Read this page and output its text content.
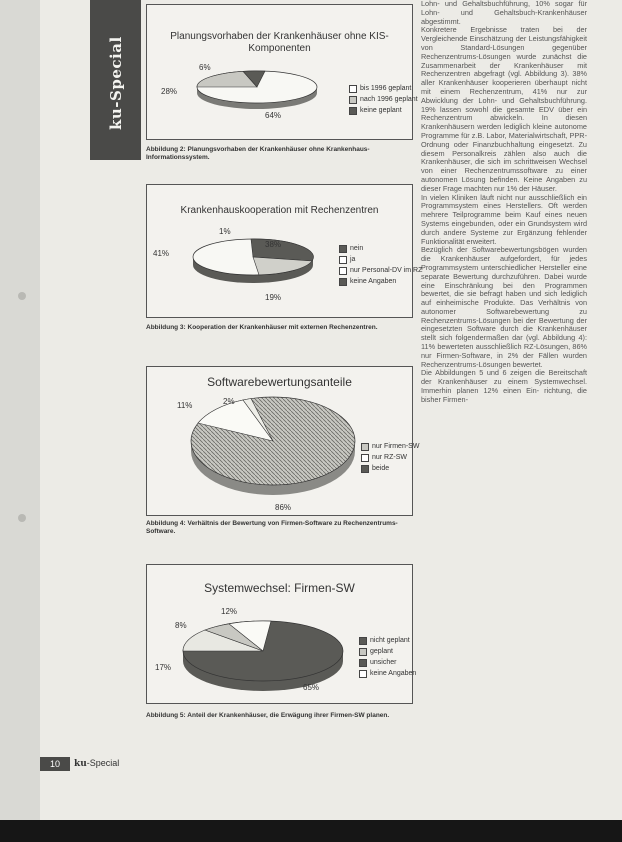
ku-Special	Planungsvorhaben der Krankenhäuser ohne KIS-
Komponenten
6%
28%
64%
bis 1996 geplant
nach 1996 geplant
keine geplant
Abbildung 2: Planungsvorhaben der Krankenhäuser ohne Krankenhaus-Informationssystem.
Krankenhauskooperation mit Rechenzentren
1%
38%
41%
19%
nein
ja
nur Personal-DV im RZ
keine Angaben
Abbildung 3: Kooperation der Krankenhäuser mit externen Rechenzentren.
Softwarebewertungsanteile
11%	2%
86%
nur Firmen-SW
nur RZ-SW
beide
Abbildung 4: Verhältnis der Bewertung von Firmen-Software zu Rechenzentrums-Software.
Systemwechsel: Firmen-SW
12%
8%
17%
65%
nicht geplant
geplant
unsicher
keine Angaben
Abbildung 5: Anteil der Krankenhäuser, die Erwägung ihrer Firmen-SW planen.

Lohn- und Gehaltsbuchführung, 10% sogar für Lohn- und Gehaltsbuch-Krankenhäuser abgestimmt.

Konkretere Ergebnisse traten bei der Vergleichende Einschätzung der Leistungsfähigkeit von Standard-Lösungen gegenüber Rechenzentrums-Lösungen wurde zunächst die Zusammenarbeit der Krankenhäuser mit Rechenzentren abgefragt (vgl. Abbildung 3). 38% aller Krankenhäuser kooperieren überhaupt nicht mit einem Rechenzentrum, 41% nur zur Abwicklung der Lohn- und Gehaltsbuchführung. 19% lassen sowohl die gesamte EDV über ein Rechenzentrum abwickeln. In diesen Krankenhäusern werden lediglich kleine autonome Programme für z.B. Labor, Materialwirtschaft, PPR-Ordnung oder Finanzbuchhaltung eingesetzt. Zu diesem Personalkreis zählen also auch die Krankenhäuser, die sich im schrittweisen Wechsel von einer Rechenzentrumssoftware zu einer autonomen Lösung befinden. Keine Angaben zu dieser Frage machten nur 1% der Häuser.

In vielen Kliniken läuft nicht nur ausschließlich ein Programmsystem eines Herstellers. Oft werden mehrere Teilprogramme beim Kauf eines neuen Systems eingebunden, oder ein Grundsystem wird durch andere Systeme zur Ergänzung fehlender Funktionalität erweitert.

Bezüglich der Softwarebewertungsbögen wurden die Krankenhäuser aufgefordert, für jedes Programmsystem unterschiedlicher Hersteller eine separate Bewertung durchzuführen. Dabei wurde eine Einschränkung bei den Programmen bewertet, die sie befragt haben und sich lediglich auf einheimische Produkte. Das Verhältnis von autonomer Softwarebewertung zu Rechenzentrums-Lösungen bei der Bewertung der eingesetzten Software durch die Krankenhäuser stellt sich folgendermaßen dar (vgl. Abbildung 4): 11% bewerteten ausschließlich RZ-Lösungen, 86% nur Firmen-Software, in 2% der Fällen wurden Rechenzentrums-Lösungen bewertet.

Die Abbildungen 5 und 6 zeigen die Bereitschaft der Krankenhäuser zu einem Systemwechsel. Immerhin planen 12% einen Ein- richtung, die bisher Firmen-

10	ku-Special
